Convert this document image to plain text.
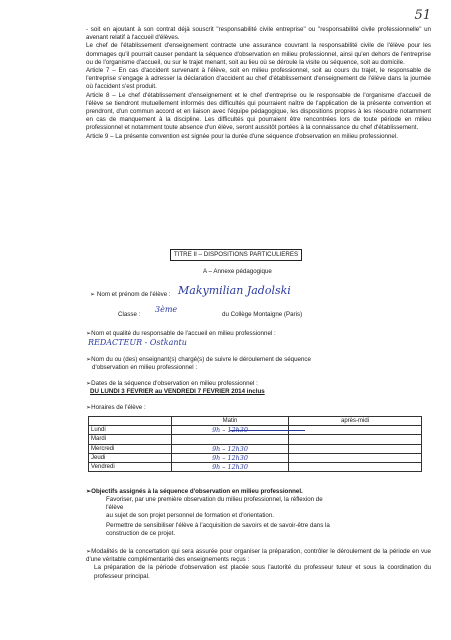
51

- soit en ajoutant à son contrat déjà souscrit "responsabilité civile entreprise" ou "responsabilité civile professionnelle" un avenant relatif à l'accueil d'élèves.

Le chef de l'établissement d'enseignement contracte une assurance couvrant la responsabilité civile de l'élève pour les dommages qu'il pourrait causer pendant la séquence d'observation en milieu professionnel, ainsi qu'en dehors de l'entreprise ou de l'organisme d'accueil, ou sur le trajet menant, soit au lieu où se déroule la visite ou séquence, soit au domicile.

Article 7 – En cas d'accident survenant à l'élève, soit en milieu professionnel, soit au cours du trajet, le responsable de l'entreprise s'engage à adresser la déclaration d'accident au chef d'établissement d'enseignement de l'élève dans la journée où l'accident s'est produit.

Article 8 – Le chef d'établissement d'enseignement et le chef d'entreprise ou le responsable de l'organisme d'accueil de l'élève se tiendront mutuellement informés des difficultés qui pourraient naître de l'application de la présente convention et prendront, d'un commun accord et en liaison avec l'équipe pédagogique, les dispositions propres à les résoudre notamment en cas de manquement à la discipline. Les difficultés qui pourraient être rencontrées lors de toute période en milieu professionnel et notamment toute absence d'un élève, seront aussitôt portées à la connaissance du chef d'établissement.

Article 9 – La présente convention est signée pour la durée d'une séquence d'observation en milieu professionnel.

TITRE II – DISPOSITIONS PARTICULIERES
A – Annexe pédagogique
➢ Nom et prénom de l'élève : Makymilian Jadolski
Classe :
3ème
du Collège Montaigne (Paris)
➢Nom et qualité du responsable de l'accueil en milieu professionnel :
REDACTEUR - Ostkantu
➢Nom du ou (des) enseignant(s) chargé(s) de suivre le déroulement de séquence
d'observation en milieu professionnel :
➢Dates de la séquence d'observation en milieu professionnel :
DU LUNDI 3 FEVRIER au VENDREDI 7 FEVRIER 2014 inclus
➢Horaires de l'élève :
	Matin	après-midi
Lundi	9h – 12h30	
Mardi		
Mercredi	9h – 12h30	
Jeudi	9h – 12h30	
Vendredi	9h – 12h30	
➢Objectifs assignés à la séquence d'observation en milieu professionnel.
Favoriser, par une première observation du milieu professionnel, la réflexion de
l'élève
au sujet de son projet personnel de formation et d'orientation.
Permettre de sensibiliser l'élève à l'acquisition de savoirs et de savoir-être dans la
construction de ce projet.

➢Modalités de la concertation qui sera assurée pour organiser la préparation, contrôler le déroulement de la période en vue d'une véritable complémentarité des enseignements reçus :

La préparation de la période d'observation est placée sous l'autorité du professeur tuteur et sous la coordination du professeur principal.
